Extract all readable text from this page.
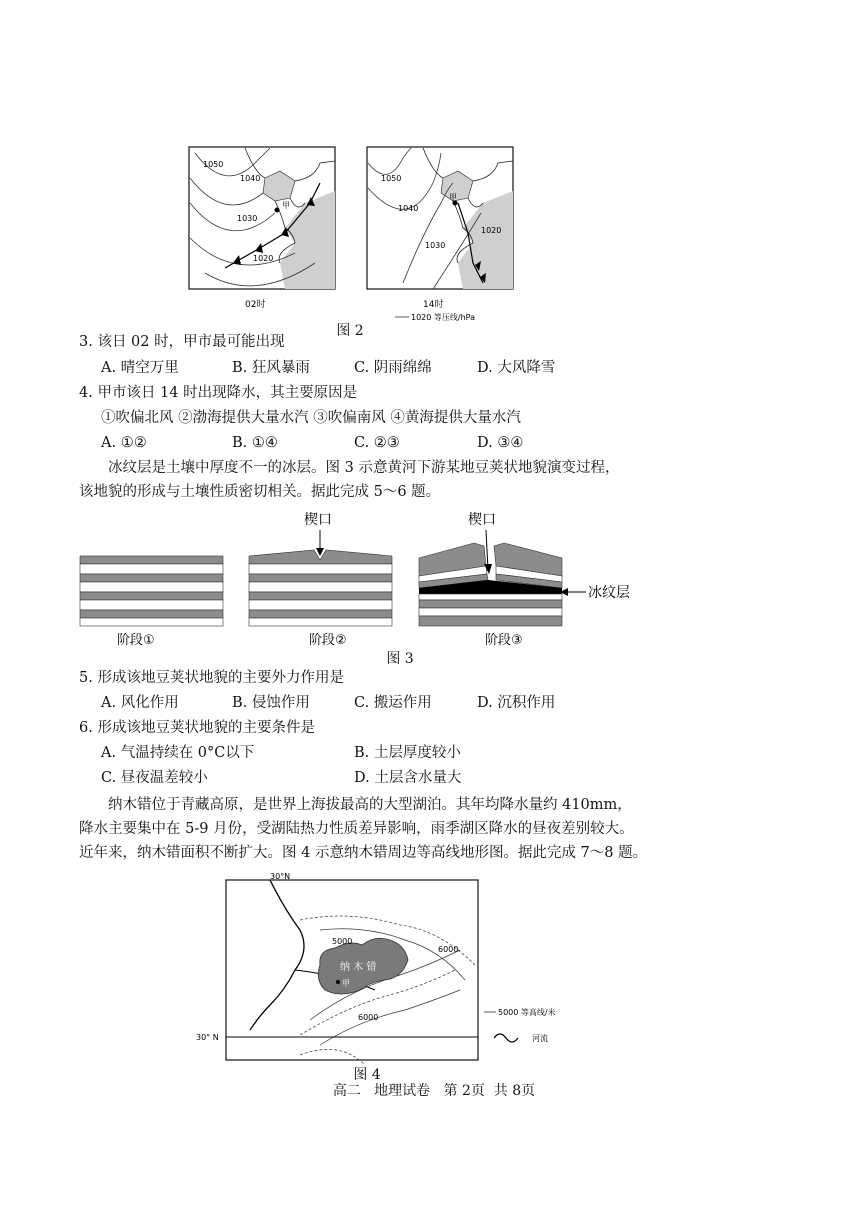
甲
1050
1040
1030
1020
02时
甲
1050
1040
1030
1020
14时
1020 等压线/hPa
图 2
3. 该日 02 时，甲市最可能出现
A. 晴空万里	B. 狂风暴雨	C. 阴雨绵绵	D. 大风降雪
4. 甲市该日 14 时出现降水，其主要原因是
①吹偏北风 ②渤海提供大量水汽 ③吹偏南风 ④黄海提供大量水汽
A. ①②	B. ①④	C. ②③	D. ③④
冰纹层是土壤中厚度不一的冰层。图 3 示意黄河下游某地豆荚状地貌演变过程，
该地貌的形成与土壤性质密切相关。据此完成 5～6 题。
楔口	楔口
冰纹层
阶段①	阶段②	阶段③
图 3
5. 形成该地豆荚状地貌的主要外力作用是
A. 风化作用	B. 侵蚀作用	C. 搬运作用	D. 沉积作用
6. 形成该地豆荚状地貌的主要条件是
A. 气温持续在 0°C以下	B. 土层厚度较小
C. 昼夜温差较小	D. 土层含水量大
纳木错位于青藏高原，是世界上海拔最高的大型湖泊。其年均降水量约 410mm，
降水主要集中在 5-9 月份，受湖陆热力性质差异影响，雨季湖区降水的昼夜差别较大。
近年来，纳木错面积不断扩大。图 4 示意纳木错周边等高线地形图。据此完成 7～8 题。
30°N
纳 木 错
甲
5000
6000
6000
30° N
5000 等高线/米
河流
图 4
高二   地理试卷   第 2页  共 8页
